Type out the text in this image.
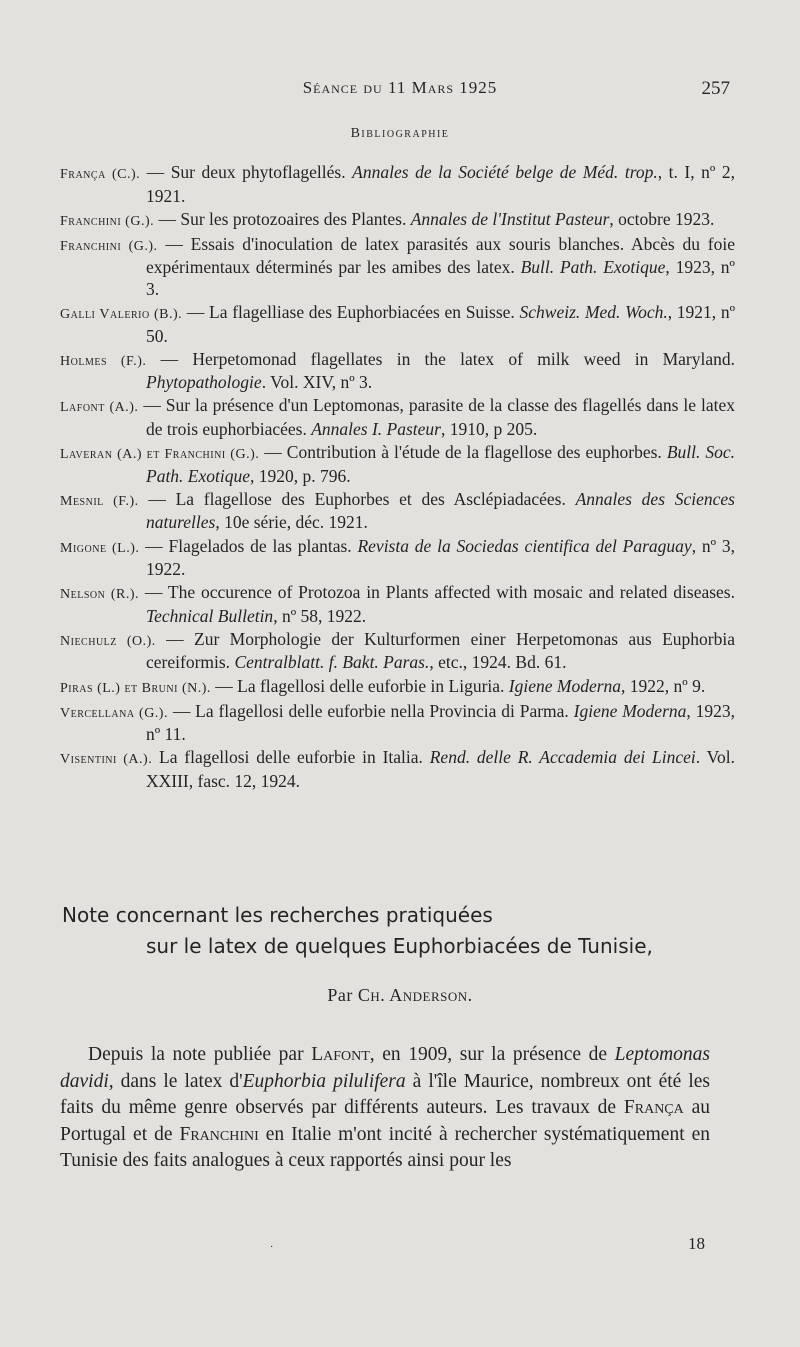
Séance du 11 Mars 1925	257
Bibliographie

França (C.). — Sur deux phytoflagellés. Annales de la Société belge de Méd. trop., t. I, nº 2, 1921.

Franchini (G.). — Sur les protozoaires des Plantes. Annales de l'Institut Pasteur, octobre 1923.

Franchini (G.). — Essais d'inoculation de latex parasités aux souris blanches. Abcès du foie expérimentaux déterminés par les amibes des latex. Bull. Path. Exotique, 1923, nº 3.

Galli Valerio (B.). — La flagelliase des Euphorbiacées en Suisse. Schweiz. Med. Woch., 1921, nº 50.

Holmes (F.). — Herpetomonad flagellates in the latex of milk weed in Maryland. Phytopathologie. Vol. XIV, nº 3.

Lafont (A.). — Sur la présence d'un Leptomonas, parasite de la classe des flagellés dans le latex de trois euphorbiacées. Annales I. Pasteur, 1910, p 205.

Laveran (A.) et Franchini (G.). — Contribution à l'étude de la flagellose des euphorbes. Bull. Soc. Path. Exotique, 1920, p. 796.

Mesnil (F.). — La flagellose des Euphorbes et des Asclépiadacées. Annales des Sciences naturelles, 10e série, déc. 1921.

Migone (L.). — Flagelados de las plantas. Revista de la Sociedas cientifica del Paraguay, nº 3, 1922.

Nelson (R.). — The occurence of Protozoa in Plants affected with mosaic and related diseases. Technical Bulletin, nº 58, 1922.

Niechulz (O.). — Zur Morphologie der Kulturformen einer Herpetomonas aus Euphorbia cereiformis. Centralblatt. f. Bakt. Paras., etc., 1924. Bd. 61.

Piras (L.) et Bruni (N.). — La flagellosi delle euforbie in Liguria. Igiene Moderna, 1922, nº 9.

Vercellana (G.). — La flagellosi delle euforbie nella Provincia di Parma. Igiene Moderna, 1923, nº 11.

Visentini (A.). La flagellosi delle euforbie in Italia. Rend. delle R. Accademia dei Lincei. Vol. XXIII, fasc. 12, 1924.

Note concernant les recherches pratiquées
sur le latex de quelques Euphorbiacées de Tunisie,
Par Ch. Anderson.

Depuis la note publiée par Lafont, en 1909, sur la présence de Leptomonas davidi, dans le latex d'Euphorbia pilulifera à l'île Maurice, nombreux ont été les faits du même genre observés par différents auteurs. Les travaux de França au Portugal et de Franchini en Italie m'ont incité à rechercher systématiquement en Tunisie des faits analogues à ceux rapportés ainsi pour les

·	18
